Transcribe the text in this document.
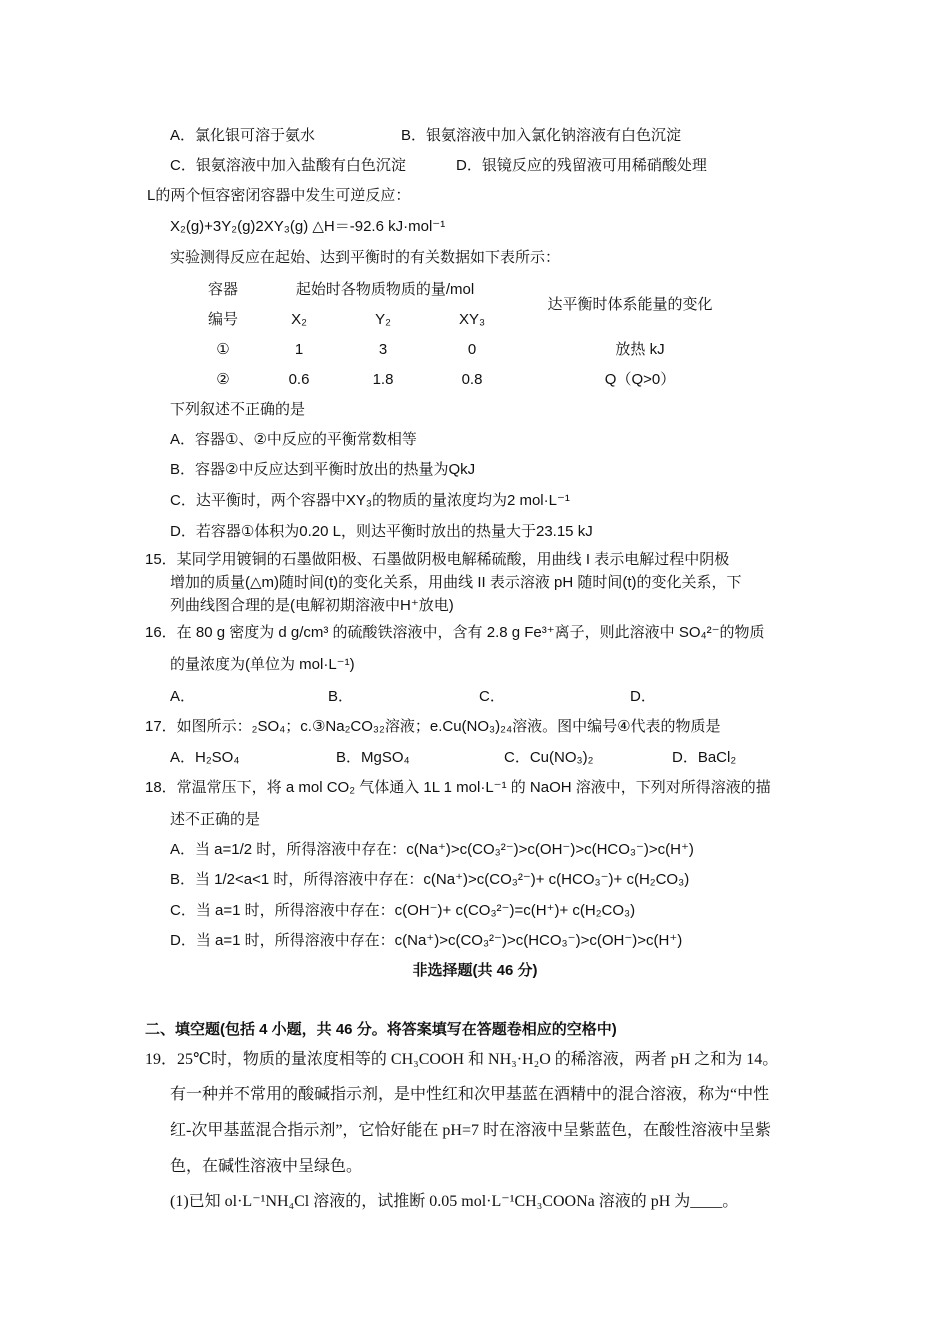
A．氯化银可溶于氨水	B．银氨溶液中加入氯化钠溶液有白色沉淀
C．银氨溶液中加入盐酸有白色沉淀	D．银镜反应的残留液可用稀硝酸处理
L的两个恒容密闭容器中发生可逆反应：
X₂(g)+3Y₂(g)2XY₃(g) △H＝-92.6 kJ·mol⁻¹
实验测得反应在起始、达到平衡时的有关数据如下表所示：
容器
编号
起始时各物质物质的量/mol
达平衡时体系能量的变化
X₂	Y₂	XY₃
①	1	3	0	放热 kJ
②	0.6	1.8	0.8	Q（Q>0）
下列叙述不正确的是
A．容器①、②中反应的平衡常数相等
B．容器②中反应达到平衡时放出的热量为QkJ
C．达平衡时，两个容器中XY₃的物质的量浓度均为2 mol·L⁻¹
D．若容器①体积为0.20 L，则达平衡时放出的热量大于23.15 kJ
15．某同学用镀铜的石墨做阳极、石墨做阴极电解稀硫酸，用曲线 I 表示电解过程中阴极
增加的质量(△m)随时间(t)的变化关系，用曲线 II 表示溶液 pH 随时间(t)的变化关系，下
列曲线图合理的是(电解初期溶液中H⁺放电)
16．在 80 g 密度为 d g/cm³ 的硫酸铁溶液中，含有 2.8 g Fe³⁺离子，则此溶液中 SO₄²⁻的物质
的量浓度为(单位为 mol·L⁻¹)
A．	B．	C．	D．
17．如图所示：₂SO₄；c.③Na₂CO₃₂溶液；e.Cu(NO₃)₂₄溶液。图中编号④代表的物质是
A．H₂SO₄	B．MgSO₄	C．Cu(NO₃)₂	D．BaCl₂
18．常温常压下，将 a mol CO₂ 气体通入 1L 1 mol·L⁻¹ 的 NaOH 溶液中，下列对所得溶液的描
述不正确的是
A．当 a=1/2 时，所得溶液中存在：c(Na⁺)>c(CO₃²⁻)>c(OH⁻)>c(HCO₃⁻)>c(H⁺)
B．当 1/2<a<1 时，所得溶液中存在：c(Na⁺)>c(CO₃²⁻)+ c(HCO₃⁻)+ c(H₂CO₃)
C．当 a=1 时，所得溶液中存在：c(OH⁻)+ c(CO₃²⁻)=c(H⁺)+ c(H₂CO₃)
D．当 a=1 时，所得溶液中存在：c(Na⁺)>c(CO₃²⁻)>c(HCO₃⁻)>c(OH⁻)>c(H⁺)
非选择题(共 46 分)
二、填空题(包括 4 小题，共 46 分。将答案填写在答题卷相应的空格中)
19．25℃时，物质的量浓度相等的 CH₃COOH 和 NH₃·H₂O 的稀溶液，两者 pH 之和为 14。
有一种并不常用的酸碱指示剂，是中性红和次甲基蓝在酒精中的混合溶液，称为“中性
红-次甲基蓝混合指示剂”，它恰好能在 pH=7 时在溶液中呈紫蓝色，在酸性溶液中呈紫
色，在碱性溶液中呈绿色。
(1)已知 ol·L⁻¹NH₄Cl 溶液的，试推断 0.05 mol·L⁻¹CH₃COONa 溶液的 pH 为____。
